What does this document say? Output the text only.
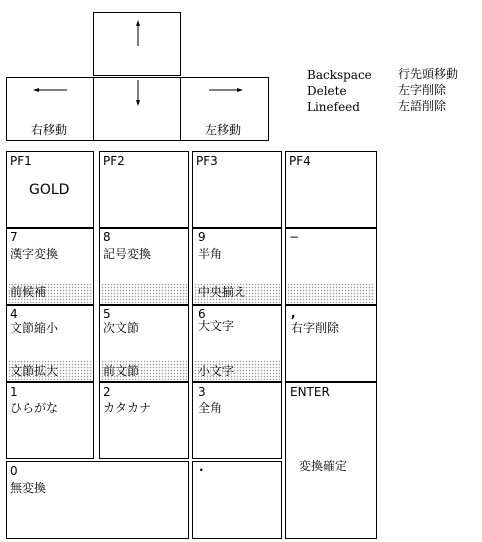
右移動	左移動
Backspace 行先頭移動
Delete	左字削除
Linefeed	左語削除
PF1
GOLD
PF2	PF3	PF4
7
漢字変換
前候補
8
記号変換
9
半角
中央揃え
−
4
文節縮小
文節拡大
5
次文節
前文節
6
大文字
小文字
,
右字削除
1
ひらがな
2
カタカナ
3
全角
ENTER
変換確定
0
無変換
.
